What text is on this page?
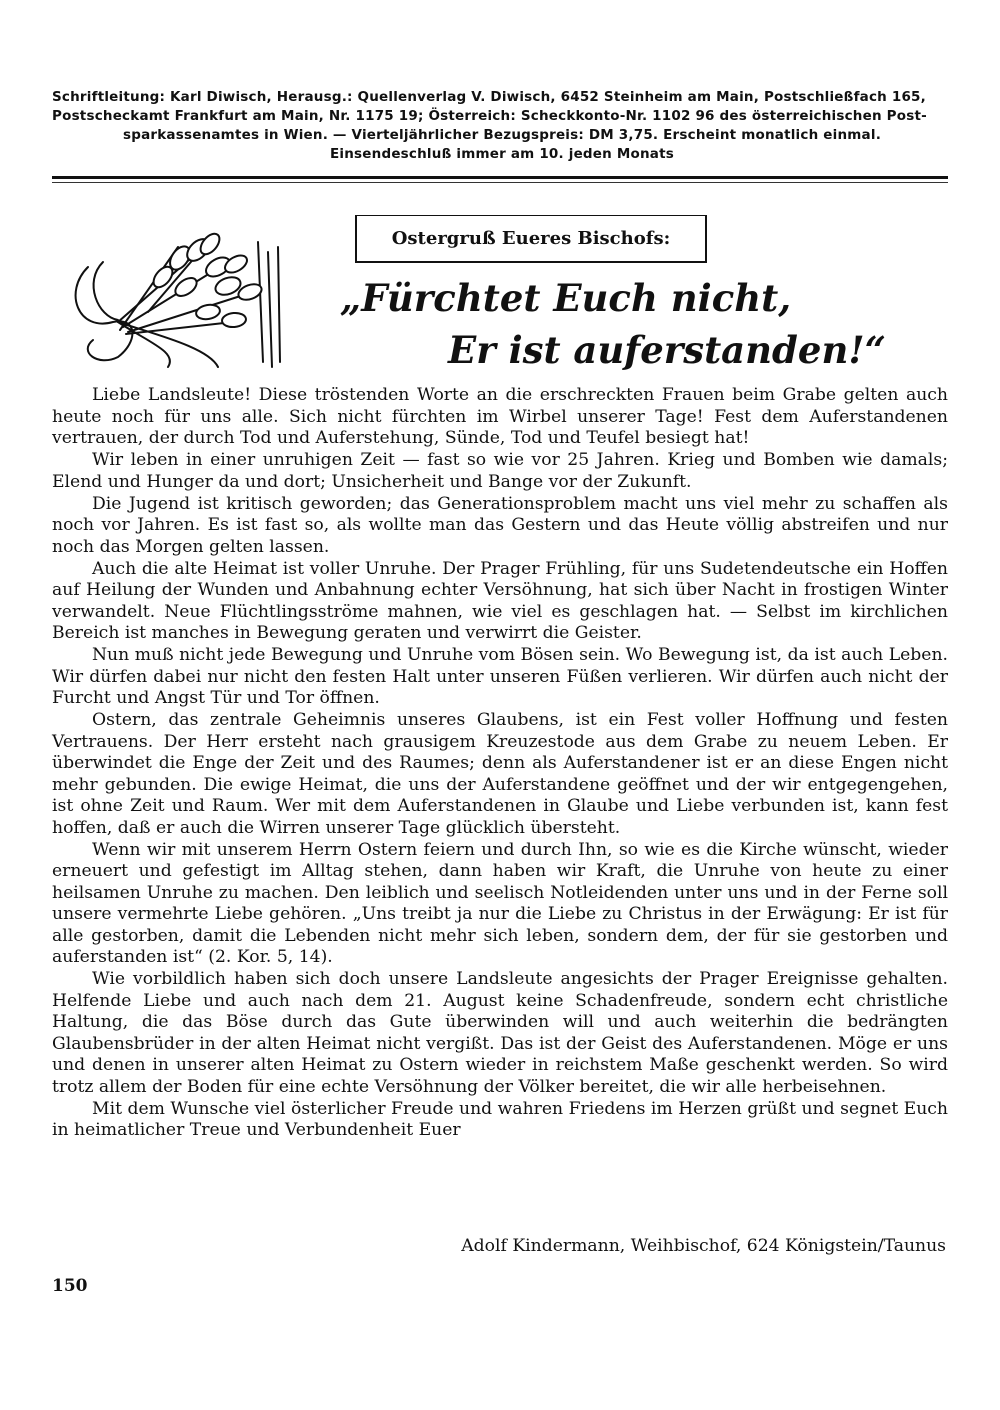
Schriftleitung: Karl Diwisch, Herausg.: Quellenverlag V. Diwisch, 6452 Steinheim am Main, Postschließfach 165,
Postscheckamt Frankfurt am Main, Nr. 1175 19; Österreich: Scheckkonto-Nr. 1102 96 des österreichischen Post-
sparkassenamtes in Wien. — Vierteljährlicher Bezugspreis: DM 3,75. Erscheint monatlich einmal.
Einsendeschluß immer am 10. jeden Monats
Ostergruß Eueres Bischofs:
„Fürchtet Euch nicht,
Er ist auferstanden!“

Liebe Landsleute! Diese tröstenden Worte an die erschreckten Frauen beim Grabe gelten auch heute noch für uns alle. Sich nicht fürchten im Wirbel unserer Tage! Fest dem Auferstandenen vertrauen, der durch Tod und Auferstehung, Sünde, Tod und Teufel besiegt hat!

Wir leben in einer unruhigen Zeit — fast so wie vor 25 Jahren. Krieg und Bomben wie damals; Elend und Hunger da und dort; Unsicherheit und Bange vor der Zukunft.

Die Jugend ist kritisch geworden; das Generationsproblem macht uns viel mehr zu schaffen als noch vor Jahren. Es ist fast so, als wollte man das Gestern und das Heute völlig abstreifen und nur noch das Morgen gelten lassen.

Auch die alte Heimat ist voller Unruhe. Der Prager Frühling, für uns Sudetendeutsche ein Hoffen auf Heilung der Wunden und Anbahnung echter Versöhnung, hat sich über Nacht in frostigen Winter verwandelt. Neue Flüchtlingsströme mahnen, wie viel es geschlagen hat. — Selbst im kirchlichen Bereich ist manches in Bewegung geraten und verwirrt die Geister.

Nun muß nicht jede Bewegung und Unruhe vom Bösen sein. Wo Bewegung ist, da ist auch Leben. Wir dürfen dabei nur nicht den festen Halt unter unseren Füßen verlieren. Wir dürfen auch nicht der Furcht und Angst Tür und Tor öffnen.

Ostern, das zentrale Geheimnis unseres Glaubens, ist ein Fest voller Hoffnung und festen Vertrauens. Der Herr ersteht nach grausigem Kreuzestode aus dem Grabe zu neuem Leben. Er überwindet die Enge der Zeit und des Raumes; denn als Auferstandener ist er an diese Engen nicht mehr gebunden. Die ewige Heimat, die uns der Auferstandene geöffnet und der wir entgegengehen, ist ohne Zeit und Raum. Wer mit dem Auferstandenen in Glaube und Liebe verbunden ist, kann fest hoffen, daß er auch die Wirren unserer Tage glücklich übersteht.

Wenn wir mit unserem Herrn Ostern feiern und durch Ihn, so wie es die Kirche wünscht, wieder erneuert und gefestigt im Alltag stehen, dann haben wir Kraft, die Unruhe von heute zu einer heilsamen Unruhe zu machen. Den leiblich und seelisch Notleidenden unter uns und in der Ferne soll unsere vermehrte Liebe gehören. „Uns treibt ja nur die Liebe zu Christus in der Erwägung: Er ist für alle gestorben, damit die Lebenden nicht mehr sich leben, sondern dem, der für sie gestorben und auferstanden ist“ (2. Kor. 5, 14).

Wie vorbildlich haben sich doch unsere Landsleute angesichts der Prager Ereignisse gehalten. Helfende Liebe und auch nach dem 21. August keine Schadenfreude, sondern echt christliche Haltung, die das Böse durch das Gute überwinden will und auch weiterhin die bedrängten Glaubensbrüder in der alten Heimat nicht vergißt. Das ist der Geist des Auferstandenen. Möge er uns und denen in unserer alten Heimat zu Ostern wieder in reichstem Maße geschenkt werden. So wird trotz allem der Boden für eine echte Versöhnung der Völker bereitet, die wir alle herbeisehnen.

Mit dem Wunsche viel österlicher Freude und wahren Friedens im Herzen grüßt und segnet Euch in heimatlicher Treue und Verbundenheit Euer

Adolf Kindermann, Weihbischof, 624 Königstein/Taunus
150
